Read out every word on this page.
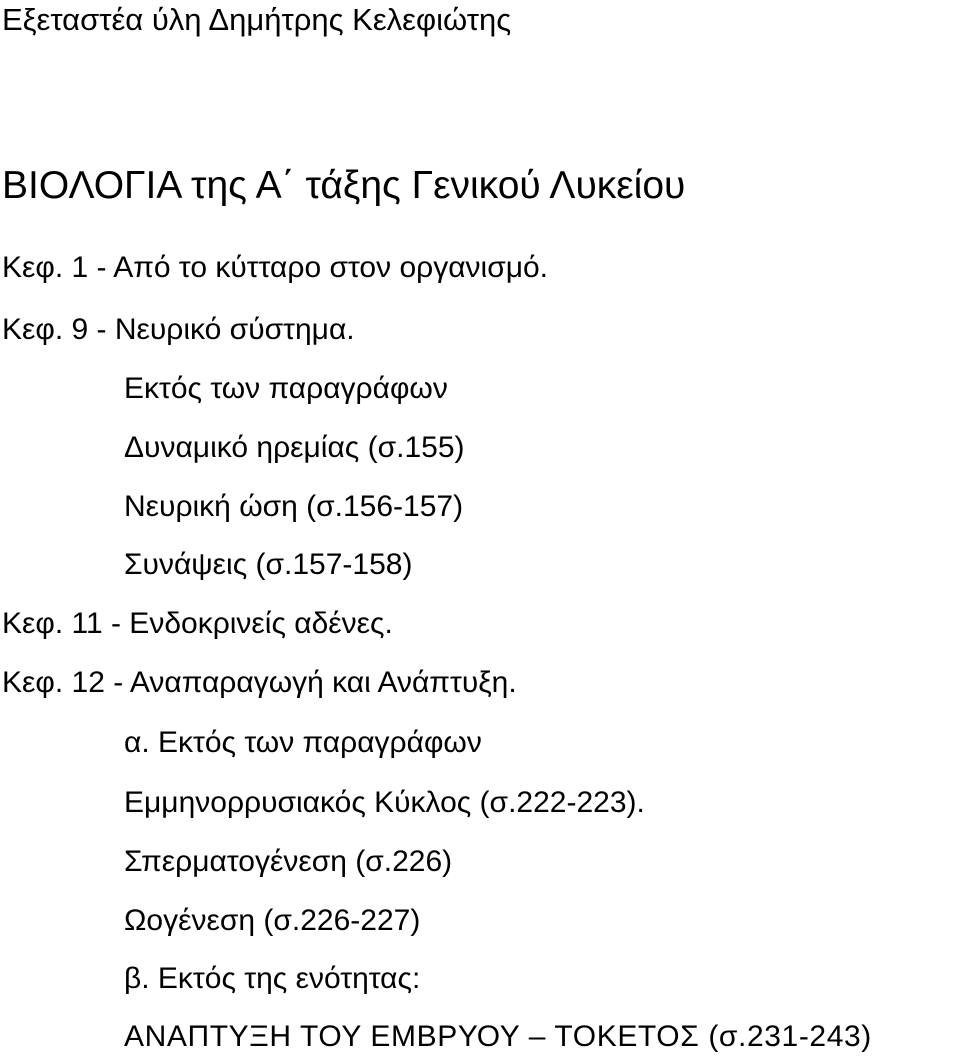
Εξεταστέα ύλη Δημήτρης Κελεφιώτης
ΒΙΟΛΟΓΙΑ της Α΄ τάξης Γενικού Λυκείου
Κεφ. 1 - Από το κύτταρο στον οργανισμό.
Κεφ. 9 - Νευρικό σύστημα.
Εκτός των παραγράφων
Δυναμικό ηρεμίας (σ.155)
Νευρική ώση (σ.156-157)
Συνάψεις (σ.157-158)
Κεφ. 11 - Ενδοκρινείς αδένες.
Κεφ. 12 - Αναπαραγωγή και Ανάπτυξη.
α. Εκτός των παραγράφων
Εμμηνορρυσιακός Κύκλος (σ.222-223).
Σπερματογένεση (σ.226)
Ωογένεση (σ.226-227)
β. Εκτός της ενότητας:
ΑΝΑΠΤΥΞΗ ΤΟΥ ΕΜΒΡΥΟΥ – ΤΟΚΕΤΟΣ (σ.231-243)
